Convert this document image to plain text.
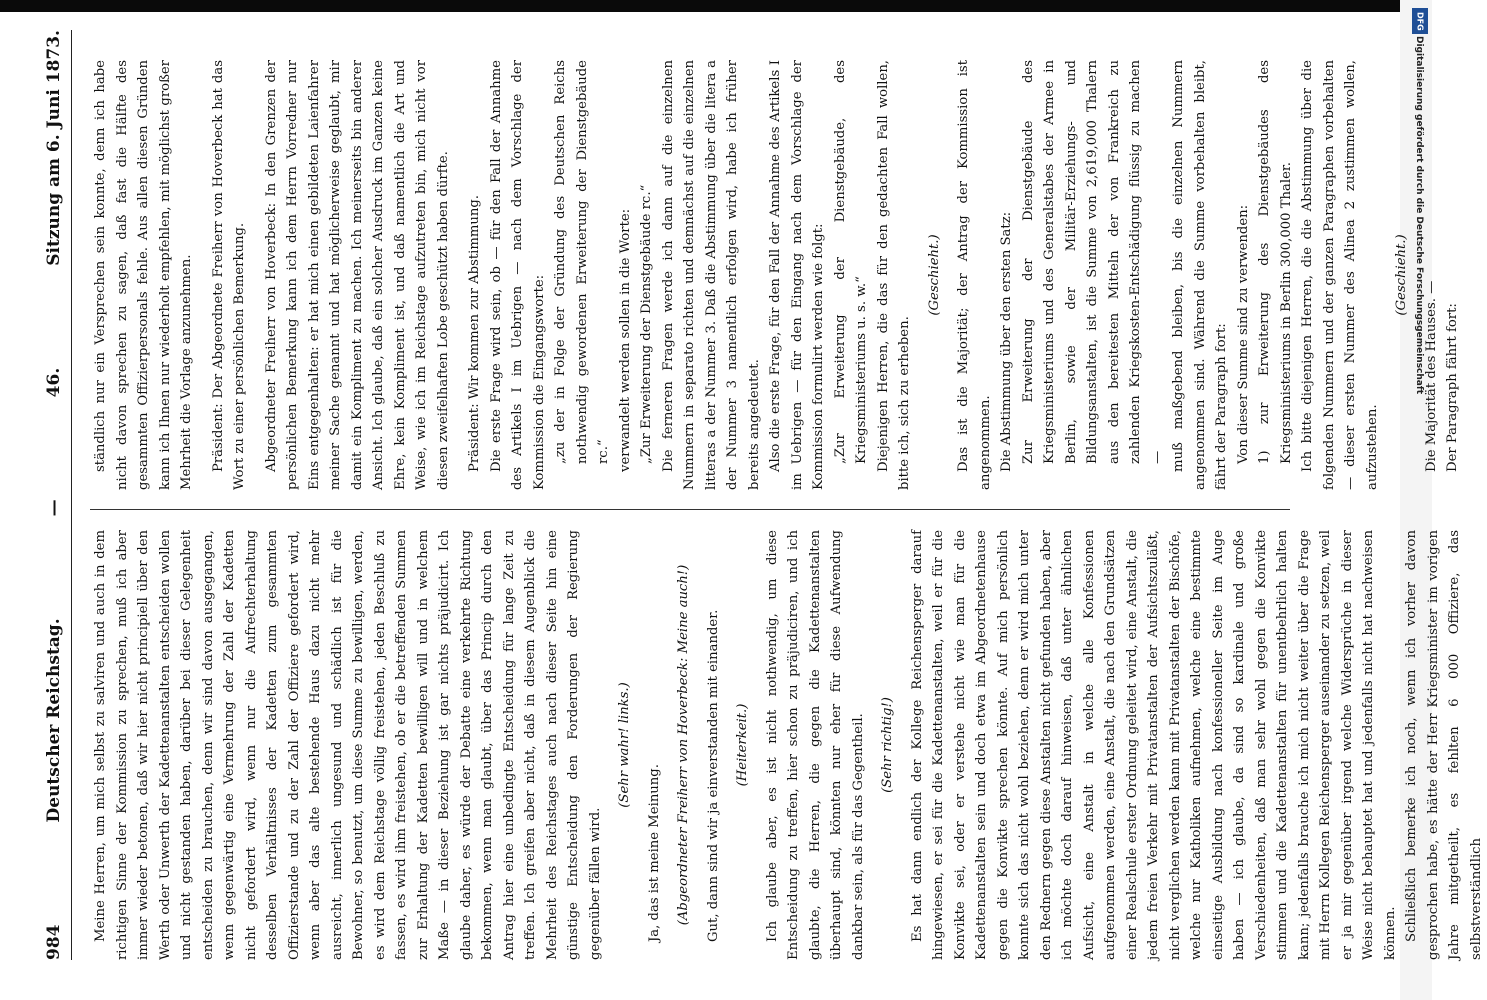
DFG
Digitalisierung gefördert durch die Deutsche Forschungsgemeinschaft
984
Deutscher Reichstag.
—
46.
Sitzung am 6. Juni 1873.

Meine Herren, um mich selbst zu salviren und auch in dem richtigen Sinne der Kommission zu sprechen, muß ich aber immer wieder betonen, daß wir hier nicht principiell über den Werth oder Unwerth der Kadettenanstalten entscheiden wollen und nicht gestanden haben, darüber bei dieser Gelegenheit entscheiden zu brauchen, denn wir sind davon ausgegangen, wenn gegenwärtig eine Vermehrung der Zahl der Kadetten nicht gefordert wird, wenn nur die Aufrechterhaltung desselben Verhältnisses der Kadetten zum gesammten Offizierstande und zu der Zahl der Offiziere gefordert wird, wenn aber das alte bestehende Haus dazu nicht mehr ausreicht, innerlich ungesund und schädlich ist für die Bewohner, so benutzt, um diese Summe zu bewilligen, werden, es wird dem Reichstage völlig freistehen, jeden Beschluß zu fassen, es wird ihm freistehen, ob er die betreffenden Summen zur Erhaltung der Kadetten bewilligen will und in welchem Maße — in dieser Beziehung ist gar nichts präjudicirt. Ich glaube daher, es würde der Debatte eine verkehrte Richtung bekommen, wenn man glaubt, über das Princip durch den Antrag hier eine unbedingte Entscheidung für lange Zeit zu treffen. Ich greifen aber nicht, daß in diesem Augenblick die Mehrheit des Reichstages auch nach dieser Seite hin eine günstige Entscheidung den Forderungen der Regierung gegenüber fällen wird.

(Sehr wahr! links.)

Ja, das ist meine Meinung. (Abgeordneter Freiherr von Hoverbeck: Meine auch!) Gut, dann sind wir ja einverstanden mit einander. (Heiterkeit.) Ich glaube aber, es ist nicht nothwendig, um diese Entscheidung zu treffen, hier schon zu präjudiciren, und ich glaubte, die Herren, die gegen die Kadettenanstalten überhaupt sind, könnten nur eher für diese Aufwendung dankbar sein, als für das Gegentheil. (Sehr richtig!) Es hat dann endlich der Kollege Reichensperger darauf hingewiesen, er sei für die Kadettenanstalten, weil er für die Konvikte sei, oder er verstehe nicht wie man für die Kadettenanstalten sein und doch etwa im Abgeordnetenhause gegen die Konvikte sprechen könnte. Auf mich persönlich konnte sich das nicht wohl beziehen, denn er wird mich unter den Rednern gegen diese Anstalten nicht gefunden haben, aber ich möchte doch darauf hinweisen, daß unter ähnlichen Aufsicht, eine Anstalt in welche alle Konfessionen aufgenommen werden, eine Anstalt, die nach den Grundsätzen einer Realschule erster Ordnung geleitet wird, eine Anstalt, die jedem freien Verkehr mit Privatanstalten der Aufsichtszuläßt, nicht verglichen werden kann mit Privatanstalten der Bischöfe, welche nur Katholiken aufnehmen, welche eine bestimmte einseitige Ausbildung nach konfessioneller Seite im Auge haben — ich glaube, da sind so kardinale und große Verschiedenheiten, daß man sehr wohl gegen die Konvikte stimmen und die Kadettenanstalten für unentbehrlich halten kann; jedenfalls brauche ich mich nicht weiter über die Frage mit Herrn Kollegen Reichensperger auseinander zu setzen, weil er ja mir gegenüber irgend welche Widersprüche in dieser Weise nicht behauptet hat und jedenfalls nicht hat nachweisen können. Schließlich bemerke ich noch, wenn ich vorher davon gesprochen habe, es hätte der Herr Kriegsminister im vorigen Jahre mitgetheilt, es fehlten 6 000 Offiziere, das selbstverständlich

ständlich nur ein Versprechen sein konnte, denn ich habe nicht davon sprechen zu sagen, daß fast die Hälfte des gesammten Offizierpersonals fehle. Aus allen diesen Gründen kann ich Ihnen nur wiederholt empfehlen, mit möglichst großer Mehrheit die Vorlage anzunehmen. Präsident: Der Abgeordnete Freiherr von Hoverbeck hat das Wort zu einer persönlichen Bemerkung. Abgeordneter Freiherr von Hoverbeck: In den Grenzen der persönlichen Bemerkung kann ich dem Herrn Vorredner nur Eins entgegenhalten: er hat mich einen gebildeten Laienfahrer meiner Sache genannt und hat möglicherweise geglaubt, mir damit ein Kompliment zu machen. Ich meinerseits bin anderer Ansicht. Ich glaube, daß ein solcher Ausdruck im Ganzen keine Ehre, kein Kompliment ist, und daß namentlich die Art und Weise, wie ich im Reichstage aufzutreten bin, mich nicht vor diesen zweifelhaften Lobe geschützt haben dürfte. Präsident: Wir kommen zur Abstimmung. Die erste Frage wird sein, ob — für den Fall der Annahme des Artikels I im Uebrigen — nach dem Vorschlage der Kommission die Eingangsworte: „zu der in Folge der Gründung des Deutschen Reichs nothwendig gewordenen Erweiterung der Dienstgebäude rc.“ verwandelt werden sollen in die Worte: „Zur Erweiterung der Dienstgebäude rc.“ Die ferneren Fragen werde ich dann auf die einzelnen Nummern in separato richten und demnächst auf die einzelnen litteras a der Nummer 3. Daß die Abstimmung über die litera a der Nummer 3 namentlich erfolgen wird, habe ich früher bereits angedeutet. Also die erste Frage, für den Fall der Annahme des Artikels I im Uebrigen — für den Eingang nach dem Vorschlage der Kommission formulirt werden wie folgt: „Zur Erweiterung der Dienstgebäude, des Kriegsministeriums u. s. w.“ Diejenigen Herren, die das für den gedachten Fall wollen, bitte ich, sich zu erheben.

(Geschieht.) Das ist die Majorität; der Antrag der Kommission ist angenommen. Die Abstimmung über den ersten Satz: Zur Erweiterung der Dienstgebäude des Kriegsministeriums und des Generalstabes der Armee in Berlin, sowie der Militär-Erziehungs- und Bildungsanstalten, ist die Summe von 2,619,000 Thalern aus den bereitesten Mitteln der von Frankreich zu zahlenden Kriegskosten-Entschädigung flüssig zu machen — muß maßgebend bleiben, bis die einzelnen Nummern angenommen sind. Während die Summe vorbehalten bleibt, fährt der Paragraph fort: Von dieser Summe sind zu verwenden: 1) zur Erweiterung des Dienstgebäudes des Kriegsministeriums in Berlin 300,000 Thaler. Ich bitte diejenigen Herren, die die Abstimmung über die folgenden Nummern und der ganzen Paragraphen vorbehalten — dieser ersten Nummer des Alinea 2 zustimmen wollen, aufzustehen.

(Geschieht.)

Die Majorität des Hauses. — Der Paragraph fährt fort:
